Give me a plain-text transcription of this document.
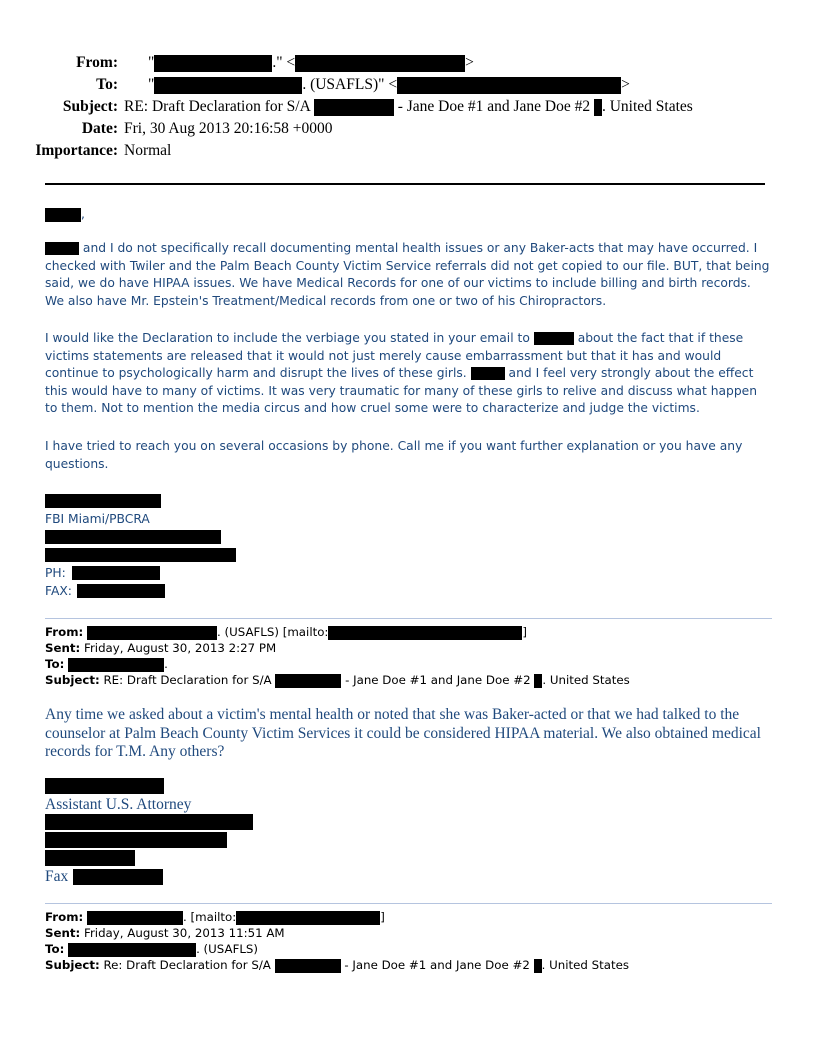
From: "	." <	>
To: "	. (USAFLS)" <	>
Subject: RE: Draft Declaration for S/A	- Jane Doe #1 and Jane Doe #2 . United States
Date: Fri, 30 Aug 2013 20:16:58 +0000
Importance: Normal
,
and I do not specifically recall documenting mental health issues or any Baker-acts that may have occurred. I checked with Twiler and the Palm Beach County Victim Service referrals did not get copied to our file. BUT, that being said, we do have HIPAA issues. We have Medical Records for one of our victims to include billing and birth records. We also have Mr. Epstein's Treatment/Medical records from one or two of his Chiropractors.
I would like the Declaration to include the verbiage you stated in your email to	about the fact that if these victims statements are released that it would not just merely cause embarrassment but that it has and would continue to psychologically harm and disrupt the lives of these girls.	and I feel very strongly about the effect this would have to many of victims. It was very traumatic for many of these girls to relive and discuss what happen to them. Not to mention the media circus and how cruel some were to characterize and judge the victims.
I have tried to reach you on several occasions by phone. Call me if you want further explanation or you have any questions.
FBI Miami/PBCRA
PH:
FAX:
From:	. (USAFLS) [mailto:	]
Sent: Friday, August 30, 2013 2:27 PM
To:	.
Subject: RE: Draft Declaration for S/A	- Jane Doe #1 and Jane Doe #2 . United States
Any time we asked about a victim's mental health or noted that she was Baker-acted or that we had talked to the counselor at Palm Beach County Victim Services it could be considered HIPAA material. We also obtained medical records for T.M. Any others?
Assistant U.S. Attorney
Fax
From:	. [mailto:	]
Sent: Friday, August 30, 2013 11:51 AM
To:	. (USAFLS)
Subject: Re: Draft Declaration for S/A	- Jane Doe #1 and Jane Doe #2 . United States
